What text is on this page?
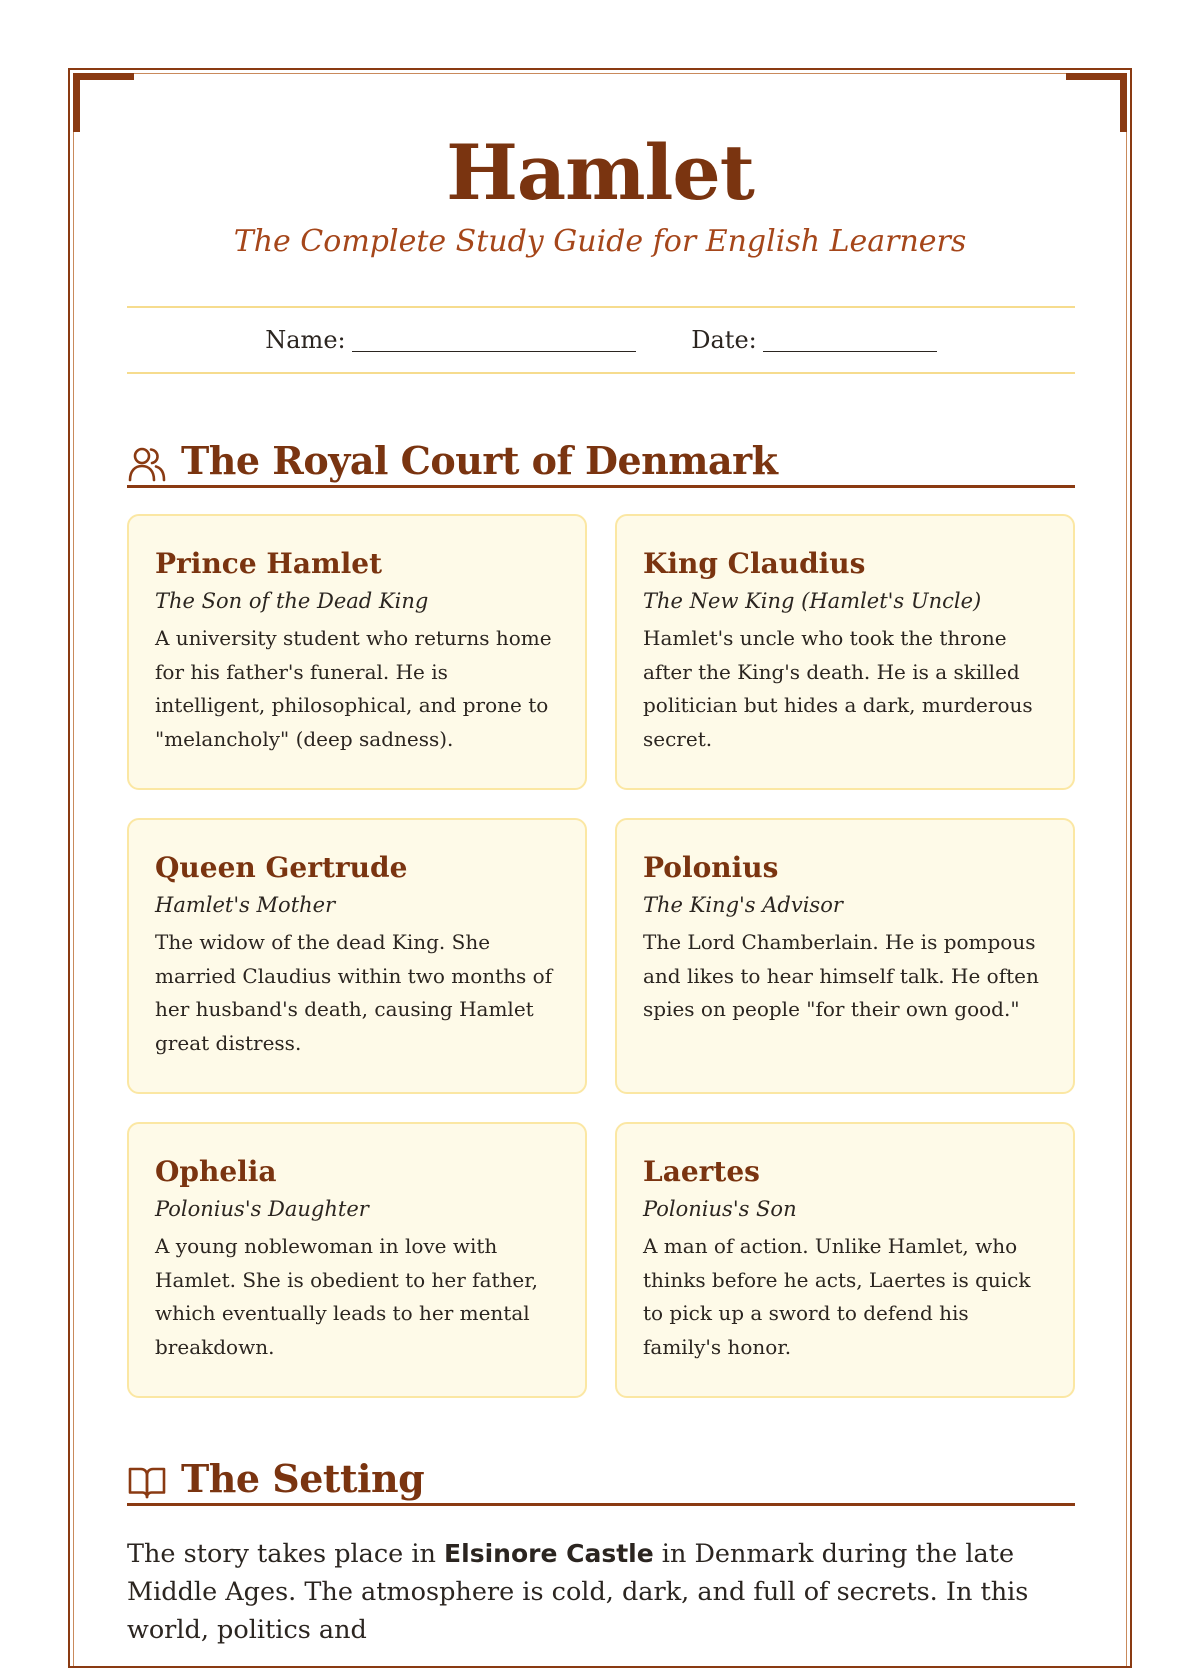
Hamlet
The Complete Study Guide for English Learners
Name:	Date:
The Royal Court of Denmark

Prince Hamlet

The Son of the Dead King

A university student who returns home for his father's funeral. He is intelligent, philosophical, and prone to "melancholy" (deep sadness).

King Claudius

The New King (Hamlet's Uncle)

Hamlet's uncle who took the throne after the King's death. He is a skilled politician but hides a dark, murderous secret.

Queen Gertrude

Hamlet's Mother

The widow of the dead King. She married Claudius within two months of her husband's death, causing Hamlet great distress.

Polonius

The King's Advisor

The Lord Chamberlain. He is pompous and likes to hear himself talk. He often spies on people "for their own good."

Ophelia

Polonius's Daughter

A young noblewoman in love with Hamlet. She is obedient to her father, which eventually leads to her mental breakdown.

Laertes

Polonius's Son

A man of action. Unlike Hamlet, who thinks before he acts, Laertes is quick to pick up a sword to defend his family's honor.

The Setting
The story takes place in Elsinore Castle in Denmark during the late Middle Ages. The atmosphere is cold, dark, and full of secrets. In this world, politics and
